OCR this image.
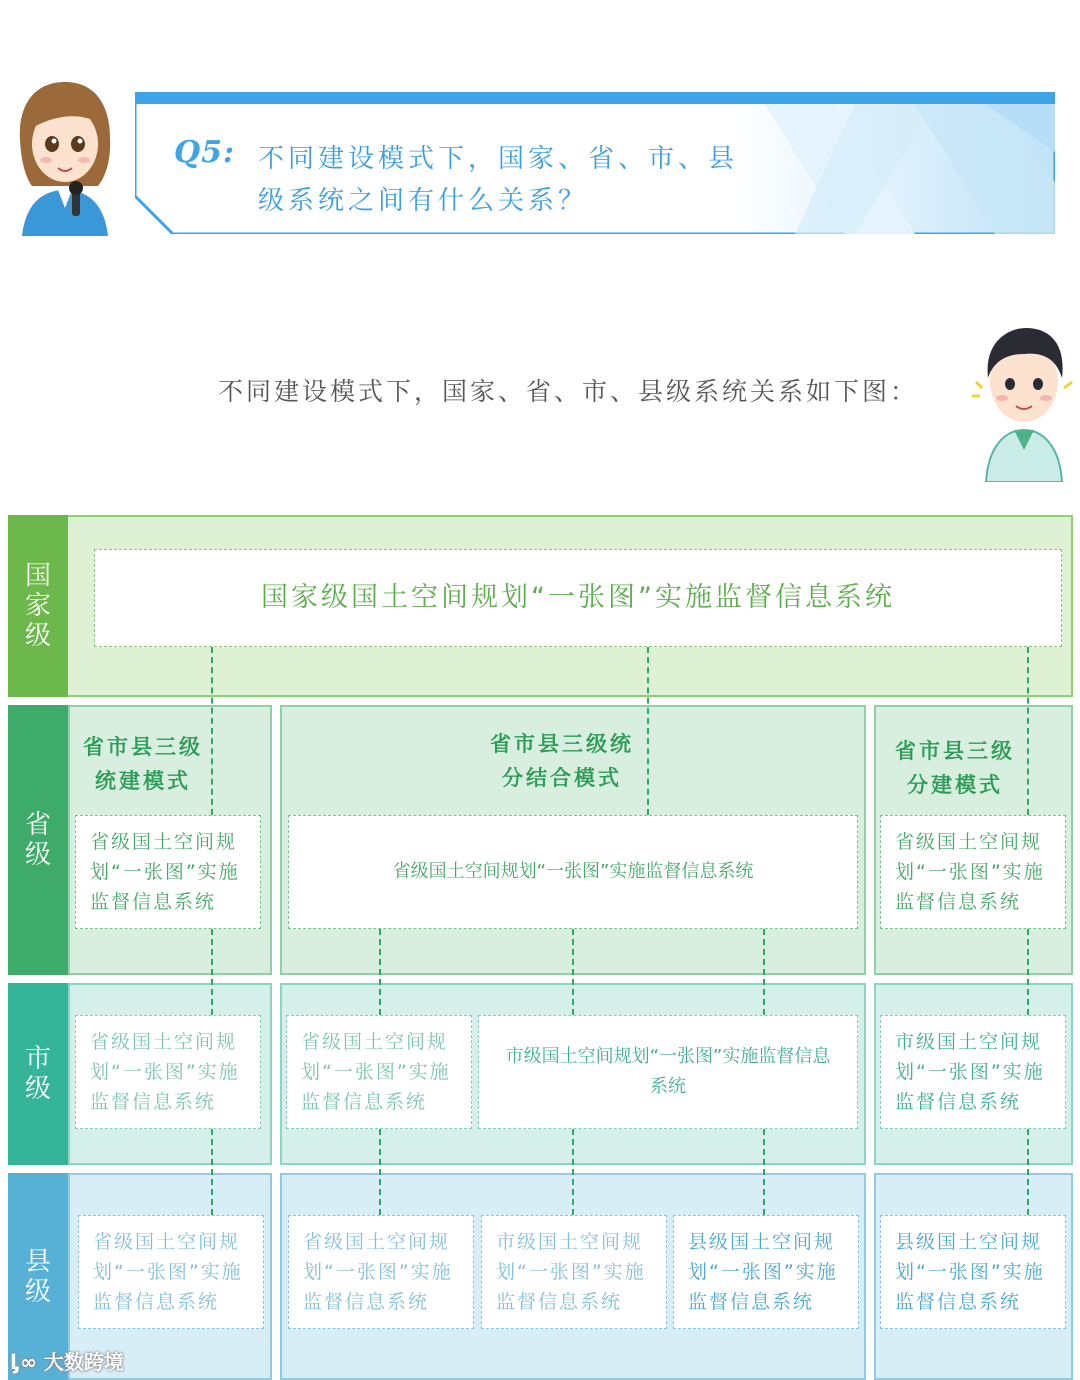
Q5: 不同建设模式下，国家、省、市、县
级系统之间有什么关系？
不同建设模式下，国家、省、市、县级系统关系如下图：
国家级
国家级国土空间规划“一张图”实施监督信息系统
省级
省市县三级统建模式
省市县三级统分结合模式
省市县三级分建模式
省级国土空间规划“一张图”实施监督信息系统
省级国土空间规划“一张图”实施监督信息系统
省级国土空间规划“一张图”实施监督信息系统
市级
省级国土空间规划“一张图”实施监督信息系统
省级国土空间规划“一张图”实施监督信息系统
市级国土空间规划“一张图”实施监督信息系统
市级国土空间规划“一张图”实施监督信息系统
县级
省级国土空间规划“一张图”实施监督信息系统
省级国土空间规划“一张图”实施监督信息系统
市级国土空间规划“一张图”实施监督信息系统
县级国土空间规划“一张图”实施监督信息系统
县级国土空间规划“一张图”实施监督信息系统
ᶅ∞ 大数跨境
